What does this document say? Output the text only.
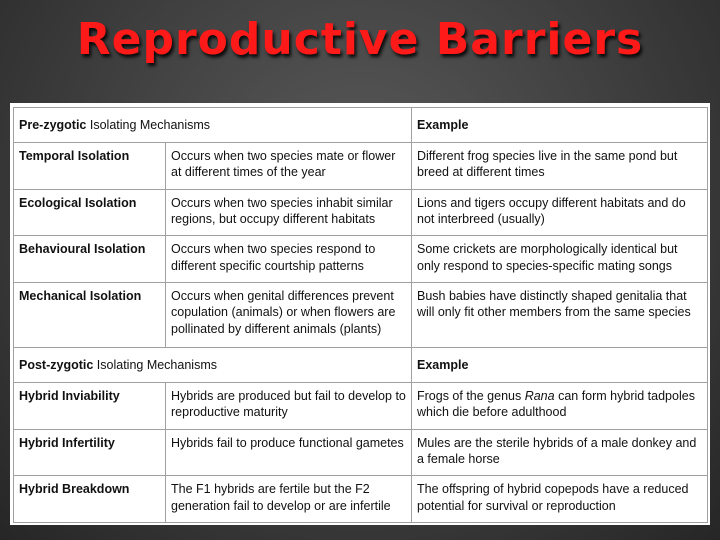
Reproductive Barriers
Pre-zygotic Isolating Mechanisms		Example
Temporal Isolation	Occurs when two species mate or flower at different times of the year	Different frog species live in the same pond but breed at different times
Ecological Isolation	Occurs when two species inhabit similar regions, but occupy different habitats	Lions and tigers occupy different habitats and do not interbreed (usually)
Behavioural Isolation	Occurs when two species respond to different specific courtship patterns	Some crickets are morphologically identical but only respond to species-specific mating songs
Mechanical Isolation	Occurs when genital differences prevent copulation (animals) or when flowers are pollinated by different animals (plants)	Bush babies have distinctly shaped genitalia that will only fit other members from the same species
Post-zygotic Isolating Mechanisms		Example
Hybrid Inviability	Hybrids are produced but fail to develop to reproductive maturity	Frogs of the genus Rana can form hybrid tadpoles which die before adulthood
Hybrid Infertility	Hybrids fail to produce functional gametes	Mules are the sterile hybrids of a male donkey and a female horse
Hybrid Breakdown	The F1 hybrids are fertile but the F2 generation fail to develop or are infertile	The offspring of hybrid copepods have a reduced potential for survival or reproduction
